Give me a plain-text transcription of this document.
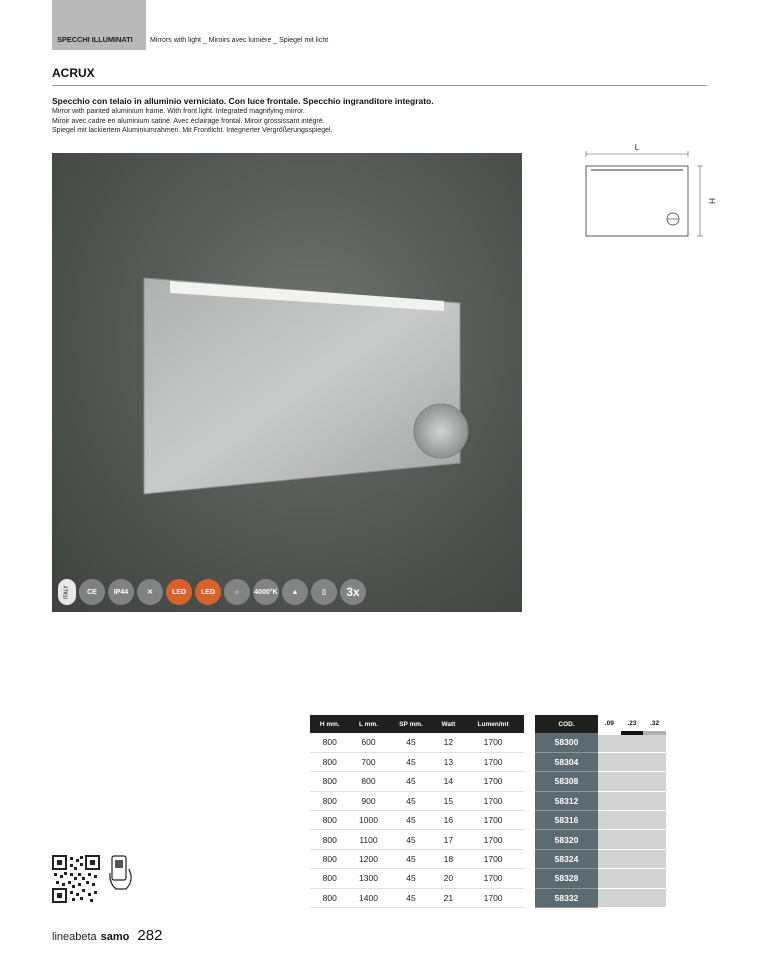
SPECCHI ILLUMINATI Mirrors with light _ Miroirs avec lumière _ Spiegel mit licht
ACRUX
Specchio con telaio in alluminio verniciato. Con luce frontale. Specchio ingranditore integrato.
Mirror with painted aluminium frame. With front light. Integrated magnifying mirror.
Miroir avec cadre en aluminium satiné. Avec éclairage frontal. Miroir grossissant intégré.
Spiegel mit lackiertem Aluminiumrahmen. Mit Frontlicht. Integrierter Vergrößerungsspiegel.
ITALY	CE	IP44	✕	LED	LED	☼	4000°K	▲	▯	3x
L
H
H mm.	L mm.	SP mm.	Watt	Lumen/mt
800	600	45	12	1700
800	700	45	13	1700
800	800	45	14	1700
800	900	45	15	1700
800	1000	45	16	1700
800	1100	45	17	1700
800	1200	45	18	1700
800	1300	45	20	1700
800	1400	45	21	1700
COD.	.09	.23	.32
58300			
58304			
58308			
58312			
58316			
58320			
58324			
58328			
58332			
lineabeta samo 282
